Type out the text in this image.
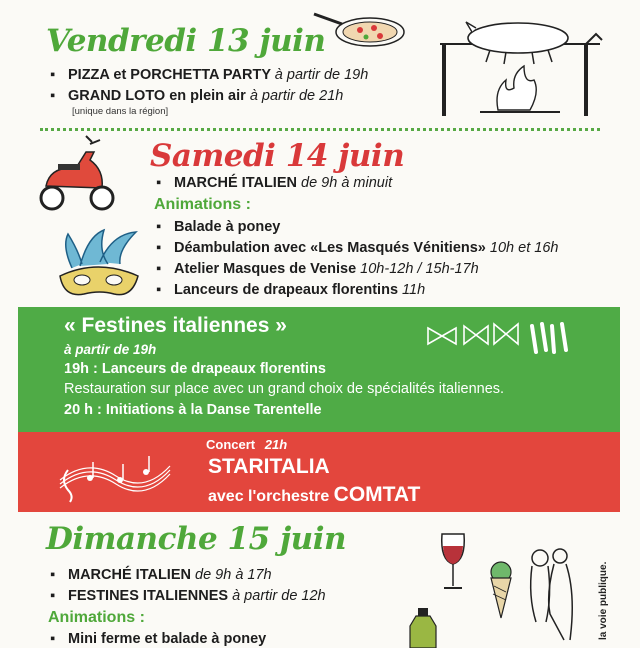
Vendredi 13 juin
▪ PIZZA et PORCHETTA PARTY à partir de 19h
▪ GRAND LOTO en plein air à partir de 21h
[unique dans la région]
Samedi 14 juin
▪ MARCHÉ ITALIEN de 9h à minuit
Animations :
▪ Balade à poney
▪ Déambulation avec «Les Masqués Vénitiens» 10h et 16h
▪ Atelier Masques de Venise 10h-12h / 15h-17h
▪ Lanceurs de drapeaux florentins 11h
« Festines italiennes »
à partir de 19h
19h : Lanceurs de drapeaux florentins
Restauration sur place avec un grand choix de spécialités italiennes.
20 h : Initiations à la Danse Tarentelle
Concert 21h
STARITALIA
avec l'orchestre COMTAT
Dimanche 15 juin
▪ MARCHÉ ITALIEN de 9h à 17h
▪ FESTINES ITALIENNES à partir de 12h
Animations :
▪ Mini ferme et balade à poney	la voie publique.
